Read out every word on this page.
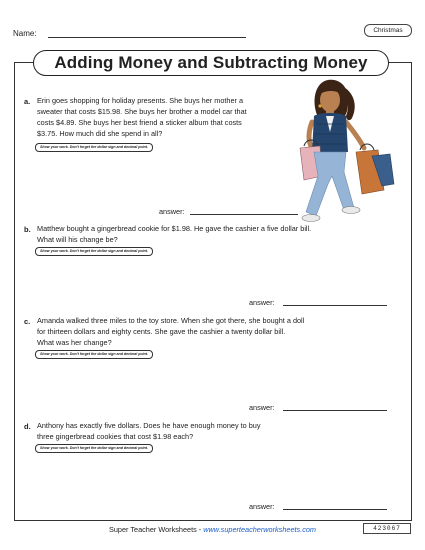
Name:	Christmas
Adding Money and Subtracting Money
a. Erin goes shopping for holiday presents. She buys her mother a
sweater that costs $15.98. She buys her brother a model car that
costs $4.89. She buys her best friend a sticker album that costs
$3.75. How much did she spend in all?
Show your work. Don't forget the dollar sign and decimal point.
answer:
b. Matthew bought a gingerbread cookie for $1.98. He gave the cashier a five dollar bill.
What will his change be?
Show your work. Don't forget the dollar sign and decimal point.
answer:
c. Amanda walked three miles to the toy store. When she got there, she bought a doll
for thirteen dollars and eighty cents. She gave the cashier a twenty dollar bill.
What was her change?
Show your work. Don't forget the dollar sign and decimal point.
answer:
d. Anthony has exactly five dollars. Does he have enough money to buy
three gingerbread cookies that cost $1.98 each?
Show your work. Don't forget the dollar sign and decimal point.
answer:
Super Teacher Worksheets - www.superteacherworksheets.com	423067
